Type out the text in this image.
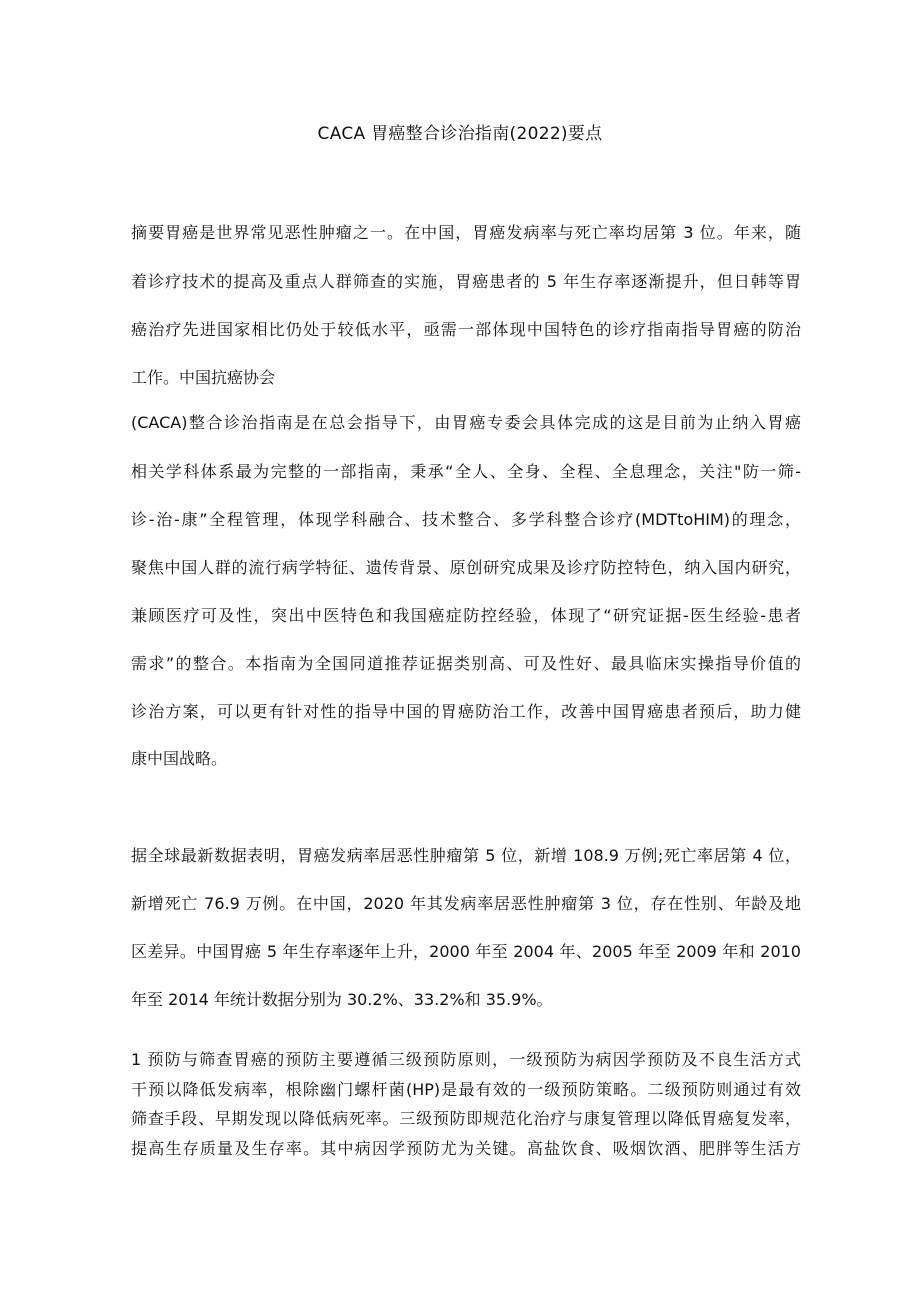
CACA 胃癌整合诊治指南(2022)要点
摘要胃癌是世界常见恶性肿瘤之一。在中国，胃癌发病率与死亡率均居第 3 位。年来，随
着诊疗技术的提高及重点人群筛查的实施，胃癌患者的 5 年生存率逐渐提升，但日韩等胃
癌治疗先进国家相比仍处于较低水平，亟需一部体现中国特色的诊疗指南指导胃癌的防治
工作。中国抗癌协会
(CACA)整合诊治指南是在总会指导下，由胃癌专委会具体完成的这是目前为止纳入胃癌
相关学科体系最为完整的一部指南，秉承“全人、全身、全程、全息理念，关注"防一筛-
诊-治-康”全程管理，体现学科融合、技术整合、多学科整合诊疗(MDTtoHIM)的理念，
聚焦中国人群的流行病学特征、遗传背景、原创研究成果及诊疗防控特色，纳入国内研究，
兼顾医疗可及性，突出中医特色和我国癌症防控经验，体现了“研究证据-医生经验-患者
需求”的整合。本指南为全国同道推荐证据类别高、可及性好、最具临床实操指导价值的
诊治方案，可以更有针对性的指导中国的胃癌防治工作，改善中国胃癌患者预后，助力健
康中国战略。
据全球最新数据表明，胃癌发病率居恶性肿瘤第 5 位，新增 108.9 万例;死亡率居第 4 位，
新增死亡 76.9 万例。在中国，2020 年其发病率居恶性肿瘤第 3 位，存在性别、年龄及地
区差异。中国胃癌 5 年生存率逐年上升，2000 年至 2004 年、2005 年至 2009 年和 2010
年至 2014 年统计数据分别为 30.2%、33.2%和 35.9%。
1 预防与筛查胃癌的预防主要遵循三级预防原则，一级预防为病因学预防及不良生活方式
干预以降低发病率，根除幽门螺杆菌(HP)是最有效的一级预防策略。二级预防则通过有效
筛查手段、早期发现以降低病死率。三级预防即规范化治疗与康复管理以降低胃癌复发率，
提高生存质量及生存率。其中病因学预防尤为关键。高盐饮食、吸烟饮酒、肥胖等生活方
